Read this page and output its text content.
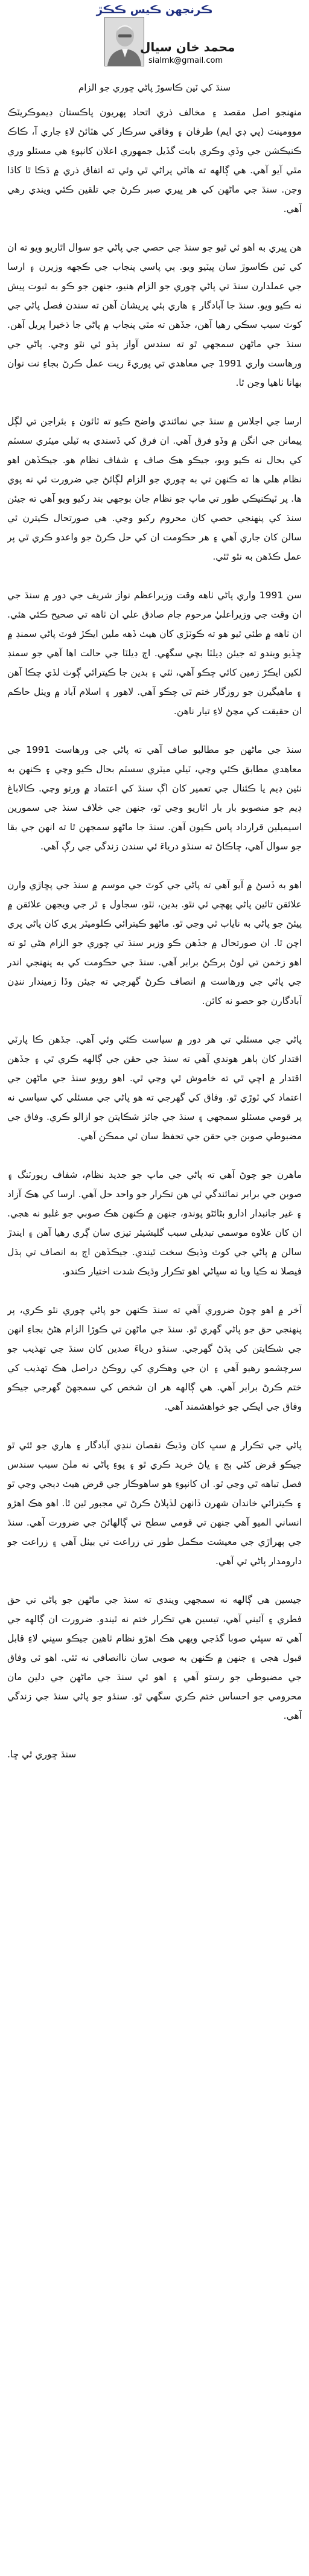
ڪرنجهن ڪيس ڪڪڙ
محمد خان سيال
sialmk@gmail.com
سنڌ کي ٽين ڪاسوڙ پاڻي ڇوري جو الزام

منهنجو اصل مقصد ۽ مخالف ذري اتحاد پهريون پاڪستان ڊيموڪريٽڪ موومينٽ (پي ڊي ايم) طرفان ۽ وفاقي سرڪار کي هٽائڻ لاءِ جاري آ، ڪاڪ ڪنيڪشن جي وڏي وڪري بابت گڏيل جمهوري اعلان کانپوءِ هي مسئلو وري مٿي آيو آهي. هي ڳالهه ته هاڻي پراڻي ٿي وئي ته اتفاق ذري ۾ ڌڪا ٿا کاڌا وڃن. سنڌ جي ماڻهن کي هر ڀيري صبر ڪرڻ جي تلقين ڪئي ويندي رهي آهي.

هن ڀيري به اهو ئي ٿيو جو سنڌ جي حصي جي پاڻي جو سوال اٿاريو ويو ته ان کي ٽين ڪاسوڙ سان ڀيٽيو ويو. ٻي پاسي پنجاب جي ڪجهه وزيرن ۽ ارسا جي عملدارن سنڌ تي پاڻي چوري جو الزام هنيو، جنهن جو ڪو به ثبوت پيش نه ڪيو ويو. سنڌ جا آبادگار ۽ هاري ٻئي پريشان آهن ته سندن فصل پاڻي جي کوٽ سبب سڪي رهيا آهن، جڏهن ته مٿي پنجاب ۾ پاڻي جا ذخيرا ڀريل آهن. سنڌ جي ماڻهن سمجهي ٿو ته سندس آواز ٻڌو ئي نٿو وڃي. پاڻي جي ورهاست واري 1991 جي معاهدي تي پوريءَ ريت عمل ڪرڻ بجاءِ نت نوان بهانا ٺاهيا وڃن ٿا.

ارسا جي اجلاس ۾ سنڌ جي نمائندي واضح ڪيو ته ٽائون ۽ بئراجن تي لڳل پيمانن جي انگن ۾ وڏو فرق آهي. ان فرق کي ڏسندي به ٽيلي ميٽري سسٽم کي بحال نه ڪيو ويو، جيڪو هڪ صاف ۽ شفاف نظام هو. جيڪڏهن اهو نظام هلي ها ته ڪنهن تي به چوري جو الزام لڳائڻ جي ضرورت ئي نه پوي ها. پر ٽيڪنيڪي طور تي ماپ جو نظام جان بوجهي بند رکيو ويو آهي ته جيئن سنڌ کي پنهنجي حصي کان محروم رکيو وڃي. هي صورتحال ڪيترن ئي سالن کان جاري آهي ۽ هر حڪومت ان کي حل ڪرڻ جو واعدو ڪري ٿي پر عمل ڪڏهن به نٿو ٿئي.

سن 1991 واري پاڻي ٺاهه وقت وزيراعظم نواز شريف جي دور ۾ سنڌ جي ان وقت جي وزيراعليٰ مرحوم جام صادق علي ان ٺاهه تي صحيح ڪئي هئي. ان ٺاهه ۾ طئي ٿيو هو ته ڪوٽڙي کان هيٺ ڏهه ملين ايڪڙ فوٽ پاڻي سمنڊ ۾ ڇڏيو ويندو ته جيئن ڊيلٽا بچي سگهي. اڄ ڊيلٽا جي حالت اها آهي جو سمنڊ لکين ايڪڙ زمين کائي چڪو آهي، ٺٽي ۽ بدين جا ڪيترائي ڳوٺ لڏي چڪا آهن ۽ ماهيگيرن جو روزگار ختم ٿي چڪو آهي. لاهور ۽ اسلام آباد ۾ ويٺل حاڪم ان حقيقت کي مڃڻ لاءِ تيار ناهن.

سنڌ جي ماڻهن جو مطالبو صاف آهي ته پاڻي جي ورهاست 1991 جي معاهدي مطابق ڪئي وڃي، ٽيلي ميٽري سسٽم بحال ڪيو وڃي ۽ ڪنهن به نئين ڊيم يا ڪئنال جي تعمير کان اڳ سنڌ کي اعتماد ۾ ورتو وڃي. ڪالاباغ ڊيم جو منصوبو بار بار اٿاريو وڃي ٿو، جنهن جي خلاف سنڌ جي سمورين اسيمبلين قرارداد پاس ڪيون آهن. سنڌ جا ماڻهو سمجهن ٿا ته انهن جي بقا جو سوال آهي، ڇاڪاڻ ته سنڌو درياءَ ئي سندن زندگي جي رڳ آهي.

اهو به ڏسڻ ۾ آيو آهي ته پاڻي جي کوٽ جي موسم ۾ سنڌ جي پڇاڙي وارن علائقن تائين پاڻي پهچي ئي نٿو. بدين، ٺٽو، سجاول ۽ ٿر جي ويجهن علائقن ۾ پيئڻ جو پاڻي به ناياب ٿي وڃي ٿو. ماڻهو ڪيترائي ڪلوميٽر پري کان پاڻي ڀري اچن ٿا. ان صورتحال ۾ جڏهن ڪو وزير سنڌ تي چوري جو الزام هڻي ٿو ته اهو زخمن تي لوڻ ٻرڪڻ برابر آهي. سنڌ جي حڪومت کي به پنهنجي اندر جي پاڻي جي ورهاست ۾ انصاف ڪرڻ گهرجي ته جيئن وڏا زميندار ننڍن آبادگارن جو حصو نه کائن.

پاڻي جي مسئلي تي هر دور ۾ سياست ڪئي وئي آهي. جڏهن ڪا پارٽي اقتدار کان ٻاهر هوندي آهي ته سنڌ جي حقن جي ڳالهه ڪري ٿي ۽ جڏهن اقتدار ۾ اچي ٿي ته خاموش ٿي وڃي ٿي. اهو رويو سنڌ جي ماڻهن جي اعتماد کي ٽوڙي ٿو. وفاق کي گهرجي ته هو پاڻي جي مسئلي کي سياسي نه پر قومي مسئلو سمجهي ۽ سنڌ جي جائز شڪايتن جو ازالو ڪري. وفاق جي مضبوطي صوبن جي حقن جي تحفظ سان ئي ممڪن آهي.

ماهرن جو چوڻ آهي ته پاڻي جي ماپ جو جديد نظام، شفاف رپورٽنگ ۽ صوبن جي برابر نمائندگي ئي هن تڪرار جو واحد حل آهي. ارسا کي هڪ آزاد ۽ غير جانبدار ادارو بڻائڻو پوندو، جنهن ۾ ڪنهن هڪ صوبي جو غلبو نه هجي. ان کان علاوه موسمي تبديلي سبب گليشيئر تيزي سان ڳري رهيا آهن ۽ ايندڙ سالن ۾ پاڻي جي کوٽ وڌيڪ سخت ٿيندي. جيڪڏهن اڄ به انصاف تي ٻڌل فيصلا نه ڪيا ويا ته سڀاڻي اهو تڪرار وڌيڪ شدت اختيار ڪندو.

آخر ۾ اهو چوڻ ضروري آهي ته سنڌ ڪنهن جو پاڻي چوري نٿو ڪري، پر پنهنجي حق جو پاڻي گهري ٿو. سنڌ جي ماڻهن تي ڪوڙا الزام هڻڻ بجاءِ انهن جي شڪايتن کي ٻڌڻ گهرجي. سنڌو درياءَ صدين کان سنڌ جي تهذيب جو سرچشمو رهيو آهي ۽ ان جي وهڪري کي روڪڻ دراصل هڪ تهذيب کي ختم ڪرڻ برابر آهي. هي ڳالهه هر ان شخص کي سمجهڻ گهرجي جيڪو وفاق جي ايڪي جو خواهشمند آهي.

پاڻي جي تڪرار ۾ سڀ کان وڌيڪ نقصان ننڍي آبادگار ۽ هاري جو ٿئي ٿو جيڪو قرض کڻي ٻج ۽ ڀاڻ خريد ڪري ٿو ۽ پوءِ پاڻي نه ملڻ سبب سندس فصل تباهه ٿي وڃي ٿو. ان کانپوءِ هو ساهوڪار جي قرض هيٺ دٻجي وڃي ٿو ۽ ڪيترائي خاندان شهرن ڏانهن لڏپلاڻ ڪرڻ تي مجبور ٿين ٿا. اهو هڪ اهڙو انساني الميو آهي جنهن تي قومي سطح تي ڳالهائڻ جي ضرورت آهي. سنڌ جي ٻهراڙي جي معيشت مڪمل طور تي زراعت تي بيٺل آهي ۽ زراعت جو دارومدار پاڻي تي آهي.

جيسين هي ڳالهه نه سمجهي ويندي ته سنڌ جي ماڻهن جو پاڻي تي حق فطري ۽ آئيني آهي، تيسين هي تڪرار ختم نه ٿيندو. ضرورت ان ڳالهه جي آهي ته سڀئي صوبا گڏجي ويهي هڪ اهڙو نظام ٺاهين جيڪو سڀني لاءِ قابل قبول هجي ۽ جنهن ۾ ڪنهن به صوبي سان ناانصافي نه ٿئي. اهو ئي وفاق جي مضبوطي جو رستو آهي ۽ اهو ئي سنڌ جي ماڻهن جي دلين مان محرومي جو احساس ختم ڪري سگهي ٿو. سنڌو جو پاڻي سنڌ جي زندگي آهي.

سنڌ ڇوري ٿي ڇا.
